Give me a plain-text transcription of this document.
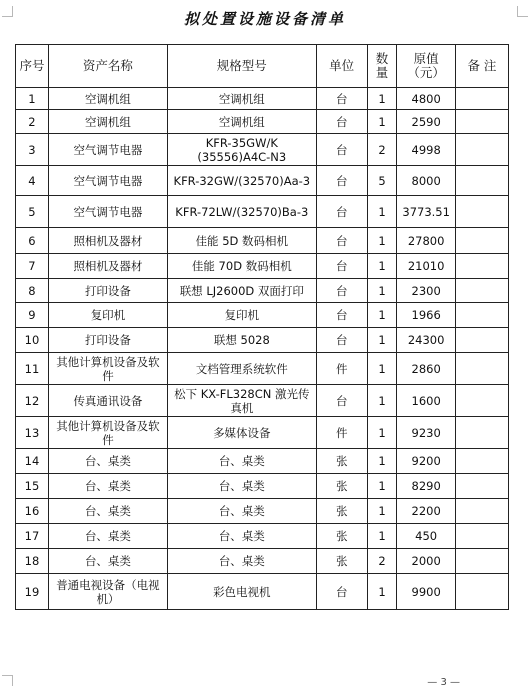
拟处置设施设备清单
序号	资产名称	规格型号	单位	数量	原值（元）	备 注
1	空调机组	空调机组	台	1	4800	
2	空调机组	空调机组	台	1	2590	
3	空气调节电器	KFR-35GW/K (35556)A4C-N3	台	2	4998	
4	空气调节电器	KFR-32GW/(32570)Aa-3	台	5	8000	
5	空气调节电器	KFR-72LW/(32570)Ba-3	台	1	3773.51	
6	照相机及器材	佳能 5D 数码相机	台	1	27800	
7	照相机及器材	佳能 70D 数码相机	台	1	21010	
8	打印设备	联想 LJ2600D 双面打印	台	1	2300	
9	复印机	复印机	台	1	1966	
10	打印设备	联想 5028	台	1	24300	
11	其他计算机设备及软件	文档管理系统软件	件	1	2860	
12	传真通讯设备	松下 KX-FL328CN 激光传真机	台	1	1600	
13	其他计算机设备及软件	多媒体设备	件	1	9230	
14	台、桌类	台、桌类	张	1	9200	
15	台、桌类	台、桌类	张	1	8290	
16	台、桌类	台、桌类	张	1	2200	
17	台、桌类	台、桌类	张	1	450	
18	台、桌类	台、桌类	张	2	2000	
19	普通电视设备（电视机）	彩色电视机	台	1	9900	
— 3 —
